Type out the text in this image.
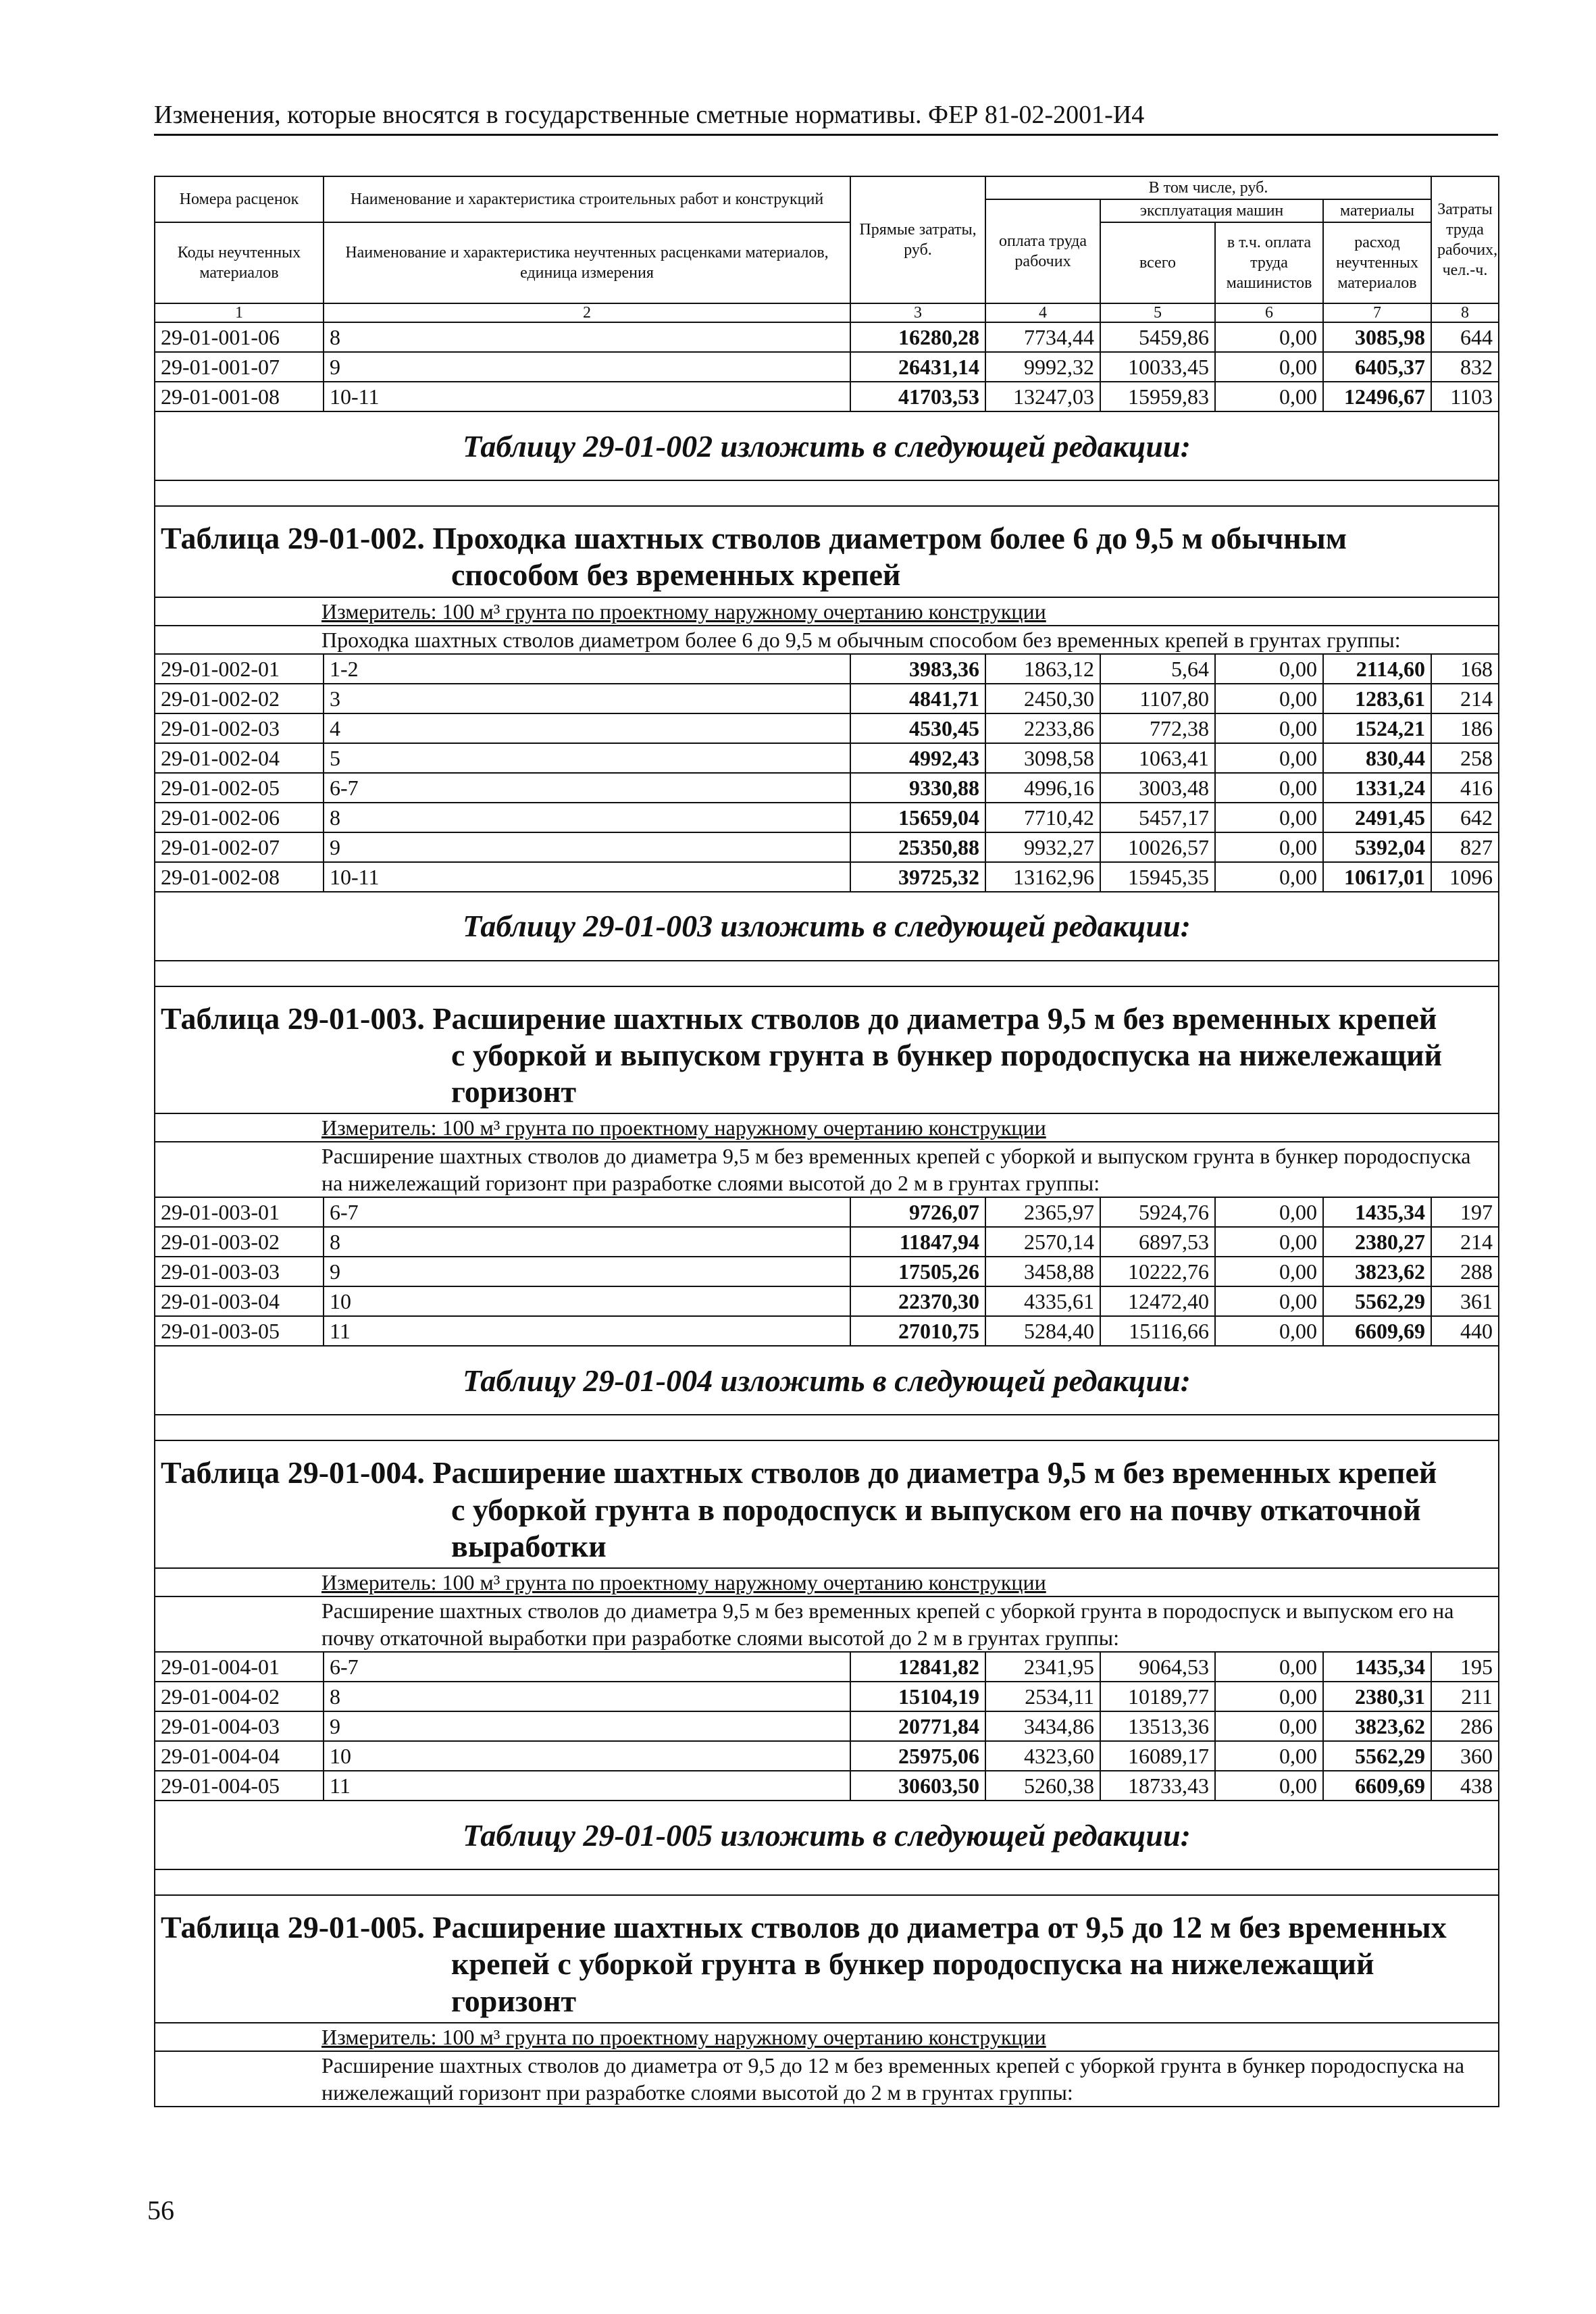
Изменения, которые вносятся в государственные сметные нормативы. ФЕР 81-02-2001-И4
Номера расценок	Наименование и характеристика строительных работ и конструкций	Прямые затраты, руб.	В том числе, руб.				Затраты труда рабочих, чел.-ч.
			оплата труда рабочих	эксплуатация машин		материалы	
Коды неучтенных материалов	Наименование и характеристика неучтенных расценками материалов, единица измерения			всего	в т.ч. оплата труда машинистов	расход неучтенных материалов	

1	2	3	4	5	6	7	8
29-01-001-06	8	16280,28	7734,44	5459,86	0,00	3085,98	644
29-01-001-07	9	26431,14	9992,32	10033,45	0,00	6405,37	832
29-01-001-08	10-11	41703,53	13247,03	15959,83	0,00	12496,67	1103
Таблицу 29-01-002 изложить в следующей редакции:							

Таблица 29-01-002. Проходка шахтных стволов диаметром более 6 до 9,5 м обычным
способом без временных крепей							

Измеритель: 100 м³ грунта по проектному наружному очертанию конструкции							
Проходка шахтных стволов диаметром более 6 до 9,5 м обычным способом без временных крепей в грунтах группы:							
29-01-002-01	1-2	3983,36	1863,12	5,64	0,00	2114,60	168
29-01-002-02	3	4841,71	2450,30	1107,80	0,00	1283,61	214
29-01-002-03	4	4530,45	2233,86	772,38	0,00	1524,21	186
29-01-002-04	5	4992,43	3098,58	1063,41	0,00	830,44	258
29-01-002-05	6-7	9330,88	4996,16	3003,48	0,00	1331,24	416
29-01-002-06	8	15659,04	7710,42	5457,17	0,00	2491,45	642
29-01-002-07	9	25350,88	9932,27	10026,57	0,00	5392,04	827
29-01-002-08	10-11	39725,32	13162,96	15945,35	0,00	10617,01	1096
Таблицу 29-01-003 изложить в следующей редакции:							

Таблица 29-01-003. Расширение шахтных стволов до диаметра 9,5 м без временных крепей
с уборкой и выпуском грунта в бункер породоспуска на нижележащий
горизонт							

Измеритель: 100 м³ грунта по проектному наружному очертанию конструкции							
Расширение шахтных стволов до диаметра 9,5 м без временных крепей с уборкой и выпуском грунта в бункер породоспуска на нижележащий горизонт при разработке слоями высотой до 2 м в грунтах группы:							
29-01-003-01	6-7	9726,07	2365,97	5924,76	0,00	1435,34	197
29-01-003-02	8	11847,94	2570,14	6897,53	0,00	2380,27	214
29-01-003-03	9	17505,26	3458,88	10222,76	0,00	3823,62	288
29-01-003-04	10	22370,30	4335,61	12472,40	0,00	5562,29	361
29-01-003-05	11	27010,75	5284,40	15116,66	0,00	6609,69	440
Таблицу 29-01-004 изложить в следующей редакции:							

Таблица 29-01-004. Расширение шахтных стволов до диаметра 9,5 м без временных крепей
с уборкой грунта в породоспуск и выпуском его на почву откаточной
выработки							

Измеритель: 100 м³ грунта по проектному наружному очертанию конструкции							
Расширение шахтных стволов до диаметра 9,5 м без временных крепей с уборкой грунта в породоспуск и выпуском его на почву откаточной выработки при разработке слоями высотой до 2 м в грунтах группы:							
29-01-004-01	6-7	12841,82	2341,95	9064,53	0,00	1435,34	195
29-01-004-02	8	15104,19	2534,11	10189,77	0,00	2380,31	211
29-01-004-03	9	20771,84	3434,86	13513,36	0,00	3823,62	286
29-01-004-04	10	25975,06	4323,60	16089,17	0,00	5562,29	360
29-01-004-05	11	30603,50	5260,38	18733,43	0,00	6609,69	438
Таблицу 29-01-005 изложить в следующей редакции:							

Таблица 29-01-005. Расширение шахтных стволов до диаметра от 9,5 до 12 м без временных
крепей с уборкой грунта в бункер породоспуска на нижележащий
горизонт							

Измеритель: 100 м³ грунта по проектному наружному очертанию конструкции							
Расширение шахтных стволов до диаметра от 9,5 до 12 м без временных крепей с уборкой грунта в бункер породоспуска на нижележащий горизонт при разработке слоями высотой до 2 м в грунтах группы:							
56
